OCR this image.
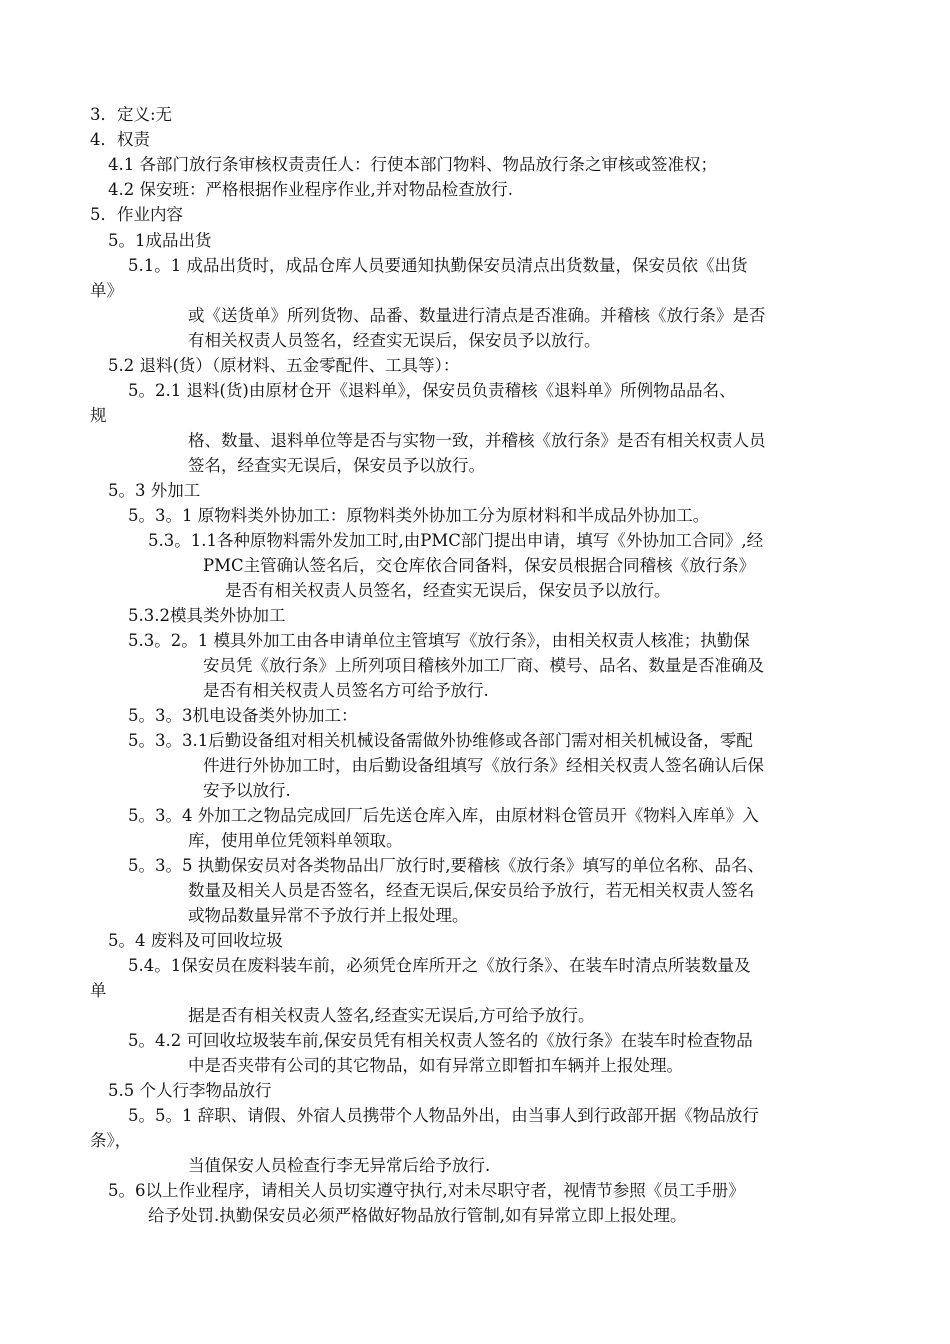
3．定义:无
4．权责
4.1 各部门放行条审核权责责任人：行使本部门物料、物品放行条之审核或签准权；
4.2 保安班：严格根据作业程序作业,并对物品检查放行.
5．作业内容
5。1成品出货
5.1。1 成品出货时，成品仓库人员要通知执勤保安员清点出货数量，保安员依《出货
单》
或《送货单》所列货物、品番、数量进行清点是否准确。并稽核《放行条》是否
有相关权责人员签名，经查实无误后，保安员予以放行。
5.2 退料(货）（原材料、五金零配件、工具等）：
5。2.1 退料(货)由原材仓开《退料单》，保安员负责稽核《退料单》所例物品品名、
规
格、数量、退料单位等是否与实物一致，并稽核《放行条》是否有相关权责人员
签名，经查实无误后，保安员予以放行。
5。3 外加工
5。3。1 原物料类外协加工：原物料类外协加工分为原材料和半成品外协加工。
5.3。1.1各种原物料需外发加工时,由PMC部门提出申请，填写《外协加工合同》,经
PMC主管确认签名后，交仓库依合同备料，保安员根据合同稽核《放行条》
是否有相关权责人员签名，经查实无误后，保安员予以放行。
5.3.2模具类外协加工
5.3。2。1 模具外加工由各申请单位主管填写《放行条》，由相关权责人核准；执勤保
安员凭《放行条》上所列项目稽核外加工厂商、模号、品名、数量是否准确及
是否有相关权责人员签名方可给予放行.
5。3。3机电设备类外协加工：
5。3。3.1后勤设备组对相关机械设备需做外协维修或各部门需对相关机械设备，零配
件进行外协加工时，由后勤设备组填写《放行条》经相关权责人签名确认后保
安予以放行.
5。3。4 外加工之物品完成回厂后先送仓库入库，由原材料仓管员开《物料入库单》入
库，使用单位凭领料单领取。
5。3。5 执勤保安员对各类物品出厂放行时,要稽核《放行条》填写的单位名称、品名、
数量及相关人员是否签名，经查无误后,保安员给予放行，若无相关权责人签名
或物品数量异常不予放行并上报处理。
5。4 废料及可回收垃圾
5.4。1保安员在废料装车前，必须凭仓库所开之《放行条》、在装车时清点所装数量及
单
据是否有相关权责人签名,经查实无误后,方可给予放行。
5。4.2 可回收垃圾装车前,保安员凭有相关权责人签名的《放行条》在装车时检查物品
中是否夹带有公司的其它物品，如有异常立即暂扣车辆并上报处理。
5.5 个人行李物品放行
5。5。1 辞职、请假、外宿人员携带个人物品外出，由当事人到行政部开据《物品放行
条》，
当值保安人员检查行李无异常后给予放行.
5。6以上作业程序，请相关人员切实遵守执行,对未尽职守者，视情节参照《员工手册》
给予处罚.执勤保安员必须严格做好物品放行管制,如有异常立即上报处理。
